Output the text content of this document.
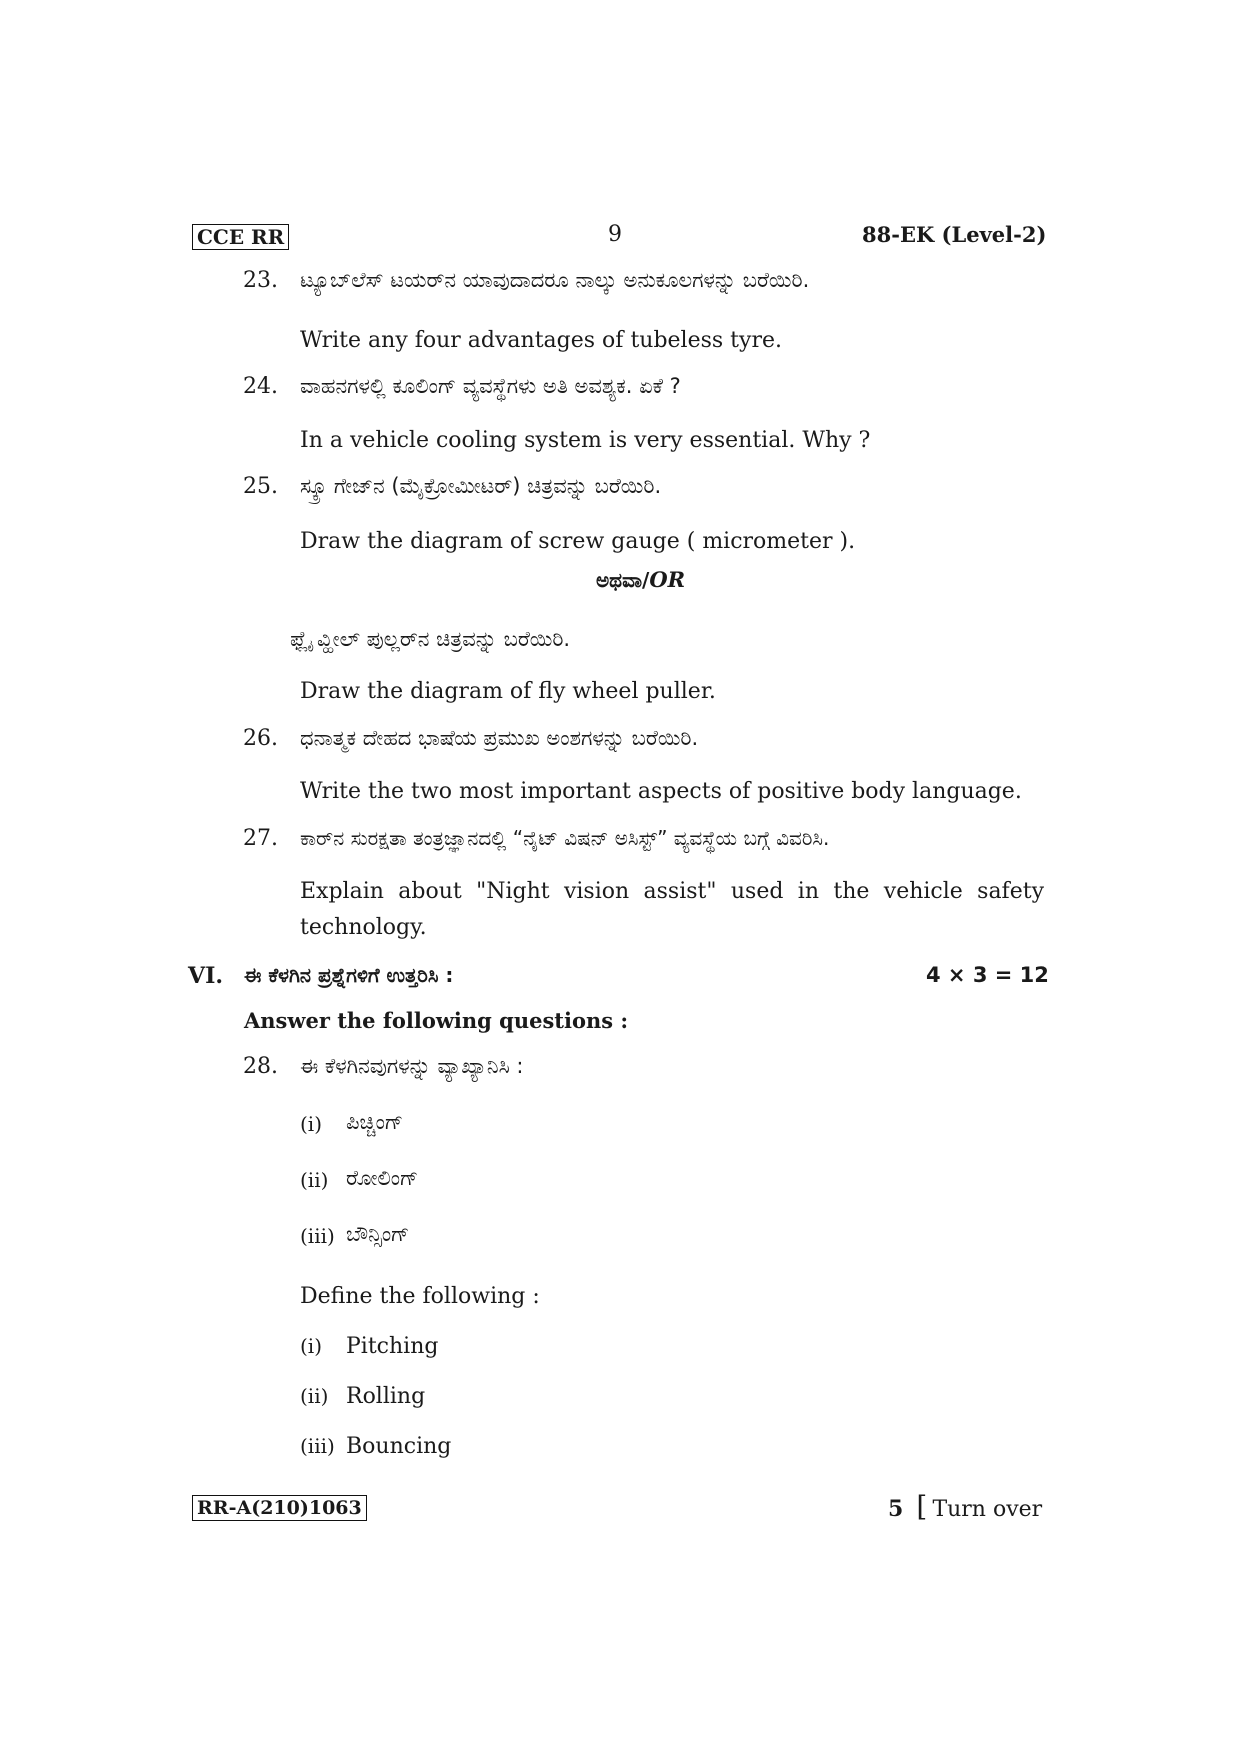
CCE RR	9	88-EK (Level-2)
23. ಟ್ಯೂಬ್‌ಲೆಸ್ ಟಯರ್‌ನ ಯಾವುದಾದರೂ ನಾಲ್ಕು ಅನುಕೂಲಗಳನ್ನು ಬರೆಯಿರಿ.
Write any four advantages of tubeless tyre.
24. ವಾಹನಗಳಲ್ಲಿ ಕೂಲಿಂಗ್ ವ್ಯವಸ್ಥೆಗಳು ಅತಿ ಅವಶ್ಯಕ. ಏಕೆ ?
In a vehicle cooling system is very essential. Why ?
25. ಸ್ಕ್ರೂ ಗೇಜ್‌ನ (ಮೈಕ್ರೋಮೀಟರ್) ಚಿತ್ರವನ್ನು ಬರೆಯಿರಿ.
Draw the diagram of screw gauge ( micrometer ).
ಅಥವಾ/OR
ಫ್ಲೈ ವ್ಹೀಲ್ ಪುಲ್ಲರ್‌ನ ಚಿತ್ರವನ್ನು ಬರೆಯಿರಿ.
Draw the diagram of fly wheel puller.
26. ಧನಾತ್ಮಕ ದೇಹದ ಭಾಷೆಯ ಪ್ರಮುಖ ಅಂಶಗಳನ್ನು ಬರೆಯಿರಿ.
Write the two most important aspects of positive body language.
27. ಕಾರ್‌ನ ಸುರಕ್ಷತಾ ತಂತ್ರಜ್ಞಾನದಲ್ಲಿ “ನೈಟ್ ವಿಷನ್ ಅಸಿಸ್ಟ್” ವ್ಯವಸ್ಥೆಯ ಬಗ್ಗೆ ವಿವರಿಸಿ.
Explain about "Night vision assist" used in the vehicle safety
technology.
VI. ಈ ಕೆಳಗಿನ ಪ್ರಶ್ನೆಗಳಿಗೆ ಉತ್ತರಿಸಿ :	4 × 3 = 12
Answer the following questions :
28. ಈ ಕೆಳಗಿನವುಗಳನ್ನು ವ್ಯಾಖ್ಯಾನಿಸಿ :
(i) ಪಿಚ್ಚಿಂಗ್
(ii) ರೋಲಿಂಗ್
(iii) ಬೌನ್ಸಿಂಗ್
Define the following :
(i) Pitching
(ii) Rolling
(iii) Bouncing
RR-A(210)1063	5 [ Turn over
